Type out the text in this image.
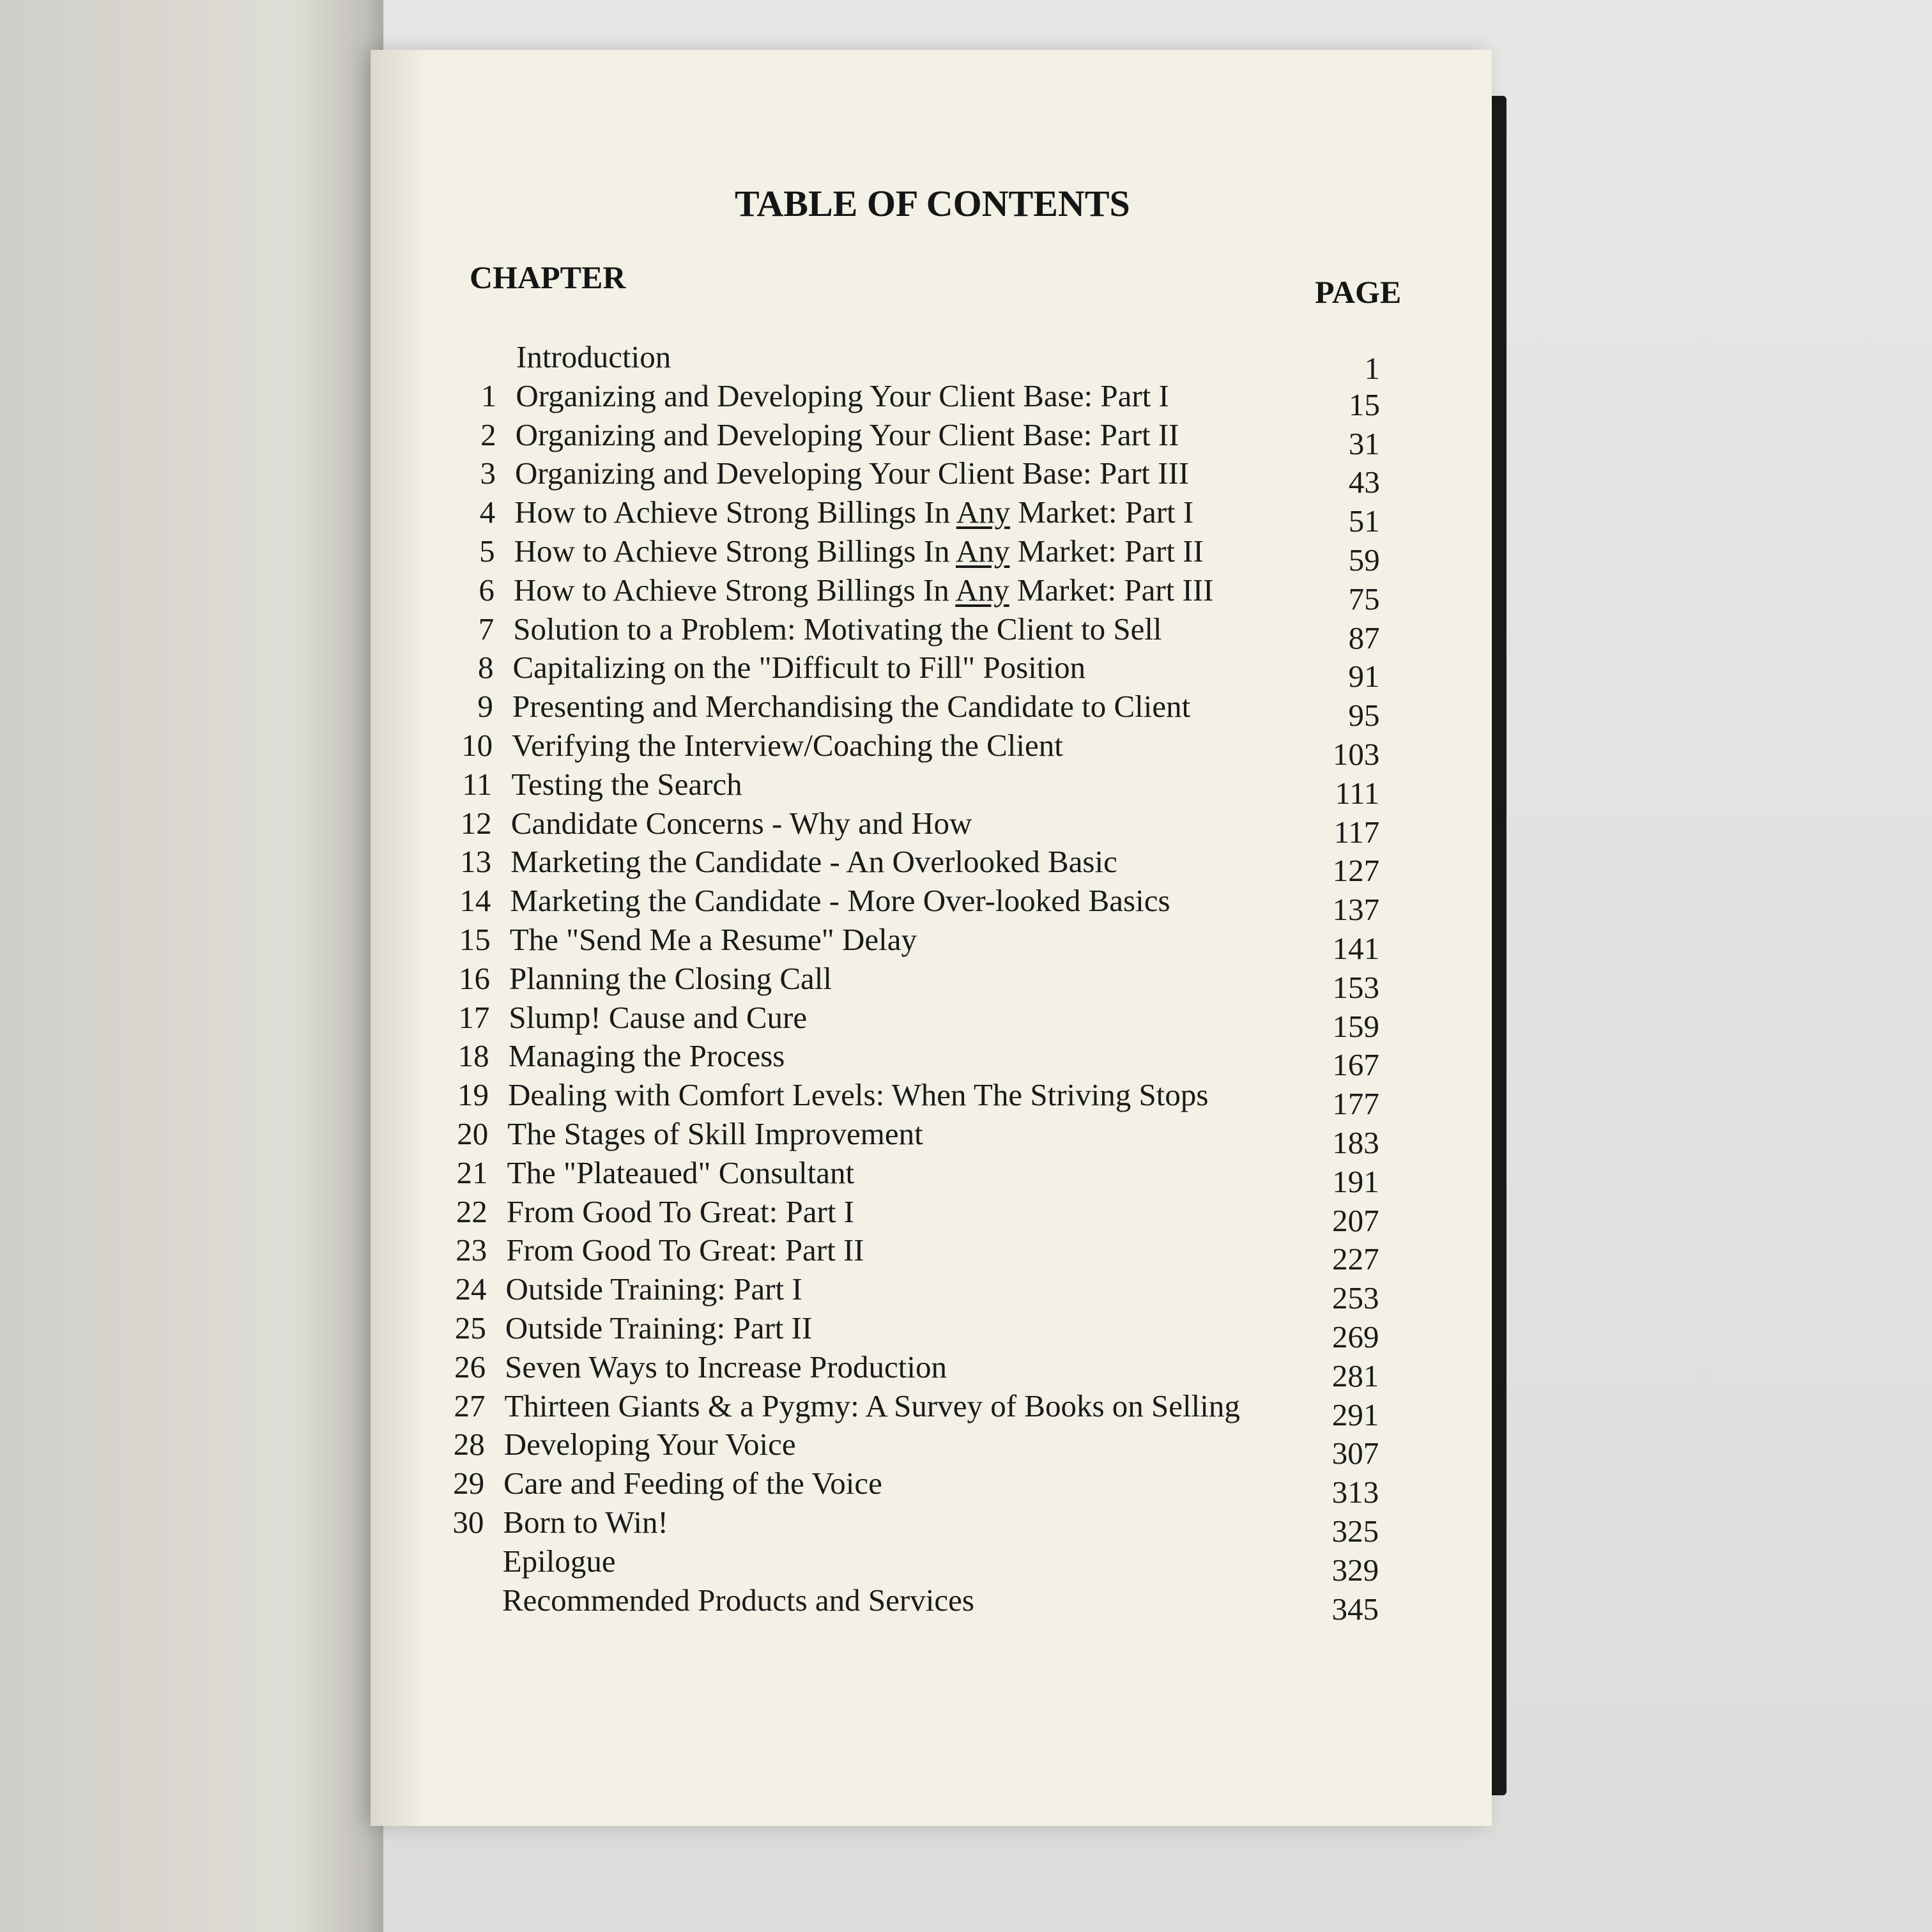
TABLE OF CONTENTS
CHAPTER	PAGE
Introduction	1
1 Organizing and Developing Your Client Base: Part I	15
2 Organizing and Developing Your Client Base: Part II	31
3 Organizing and Developing Your Client Base: Part III	43
4 How to Achieve Strong Billings In Any Market: Part I	51
5 How to Achieve Strong Billings In Any Market: Part II	59
6 How to Achieve Strong Billings In Any Market: Part III	75
7 Solution to a Problem: Motivating the Client to Sell	87
8 Capitalizing on the "Difficult to Fill" Position	91
9 Presenting and Merchandising the Candidate to Client	95
10 Verifying the Interview/Coaching the Client	103
11 Testing the Search	111
12 Candidate Concerns - Why and How	117
13 Marketing the Candidate - An Overlooked Basic	127
14 Marketing the Candidate - More Over-looked Basics	137
15 The "Send Me a Resume" Delay	141
16 Planning the Closing Call	153
17 Slump! Cause and Cure	159
18 Managing the Process	167
19 Dealing with Comfort Levels: When The Striving Stops	177
20 The Stages of Skill Improvement	183
21 The "Plateaued" Consultant	191
22 From Good To Great: Part I	207
23 From Good To Great: Part II	227
24 Outside Training: Part I	253
25 Outside Training: Part II	269
26 Seven Ways to Increase Production	281
27 Thirteen Giants & a Pygmy: A Survey of Books on Selling	291
28 Developing Your Voice	307
29 Care and Feeding of the Voice	313
30 Born to Win!	325
Epilogue	329
Recommended Products and Services	345
